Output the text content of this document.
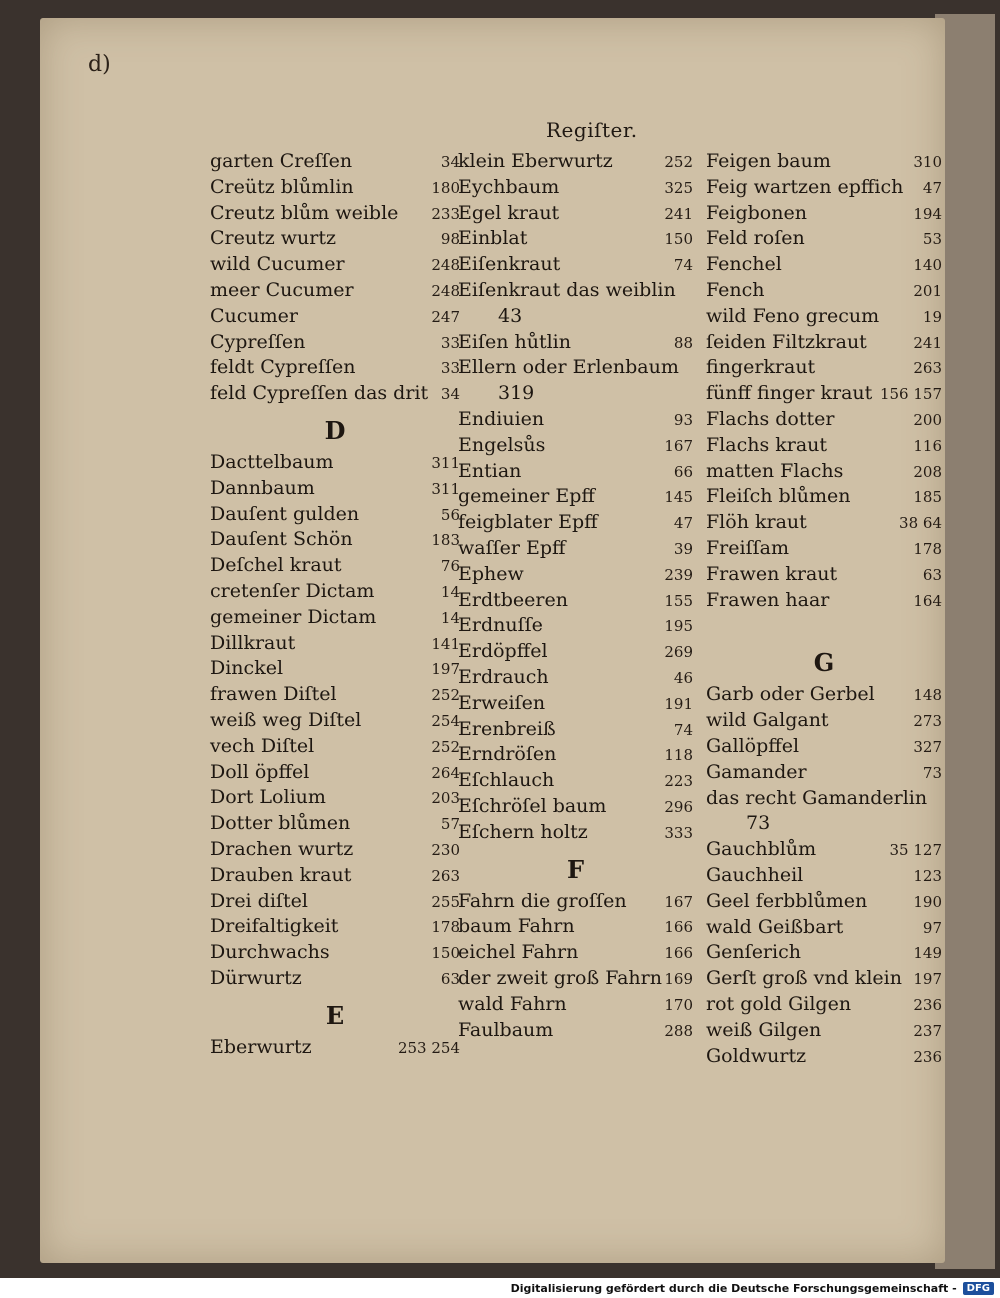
d)
Regiſter.
garten Creſſen	34
Creütz blůmlin	180
Creutz blům weible 233
Creutz wurtz	98
wild Cucumer	248
meer Cucumer	248
Cucumer	247
Cypreſſen	33
feldt Cypreſſen	33
feld Cypreſſen das drit 34
D
Dacttelbaum	311
Dannbaum	311
Dauſent gulden	56
Dauſent Schön	183
Deſchel kraut	76
cretenſer Dictam	14
gemeiner Dictam	14
Dillkraut	141
Dinckel	197
frawen Diſtel	252
weiß weg Diſtel	254
vech Diſtel	252
Doll öpffel	264
Dort Lolium	203
Dotter blůmen	57
Drachen wurtz	230
Drauben kraut	263
Drei diſtel	255
Dreifaltigkeit	178
Durchwachs	150
Dürwurtz	63
E
Eberwurtz	253 254
klein Eberwurtz	252
Eychbaum	325
Egel kraut	241
Einblat	150
Eiſenkraut	74
Eiſenkraut das weiblin
43
Eiſen hůtlin	88
Ellern oder Erlenbaum
319
Endiuien	93
Engelsůs	167
Entian	66
gemeiner Epff	145
feigblater Epff	47
waſſer Epff	39
Ephew	239
Erdtbeeren	155
Erdnuſſe	195
Erdöpffel	269
Erdrauch	46
Erweiſen	191
Erenbreiß	74
Erndröſen	118
Eſchlauch	223
Eſchröſel baum	296
Eſchern holtz	333
F
Fahrn die groſſen	167
baum Fahrn	166
eichel Fahrn	166
der zweit groß Fahrn 169
wald Fahrn	170
Faulbaum	288
Feigen baum	310
Feig wartzen epffich 47
Feigbonen	194
Feld roſen	53
Fenchel	140
Fench	201
wild Feno grecum	19
ſeiden Filtzkraut	241
fingerkraut	263
fünff finger kraut 156 157
Flachs dotter	200
Flachs kraut	116
matten Flachs	208
Fleiſch blůmen	185
Flöh kraut	38 64
Freiſſam	178
Frawen kraut	63
Frawen haar	164
G
Garb oder Gerbel	148
wild Galgant	273
Gallöpffel	327
Gamander	73
das recht Gamanderlin
73
Gauchblům	35 127
Gauchheil	123
Geel ferbblůmen	190
wald Geißbart	97
Genſerich	149
Gerſt groß vnd klein 197
rot gold Gilgen	236
weiß Gilgen	237
Goldwurtz	236
Digitalisierung gefördert durch die Deutsche Forschungsgemeinschaft -	DFG
